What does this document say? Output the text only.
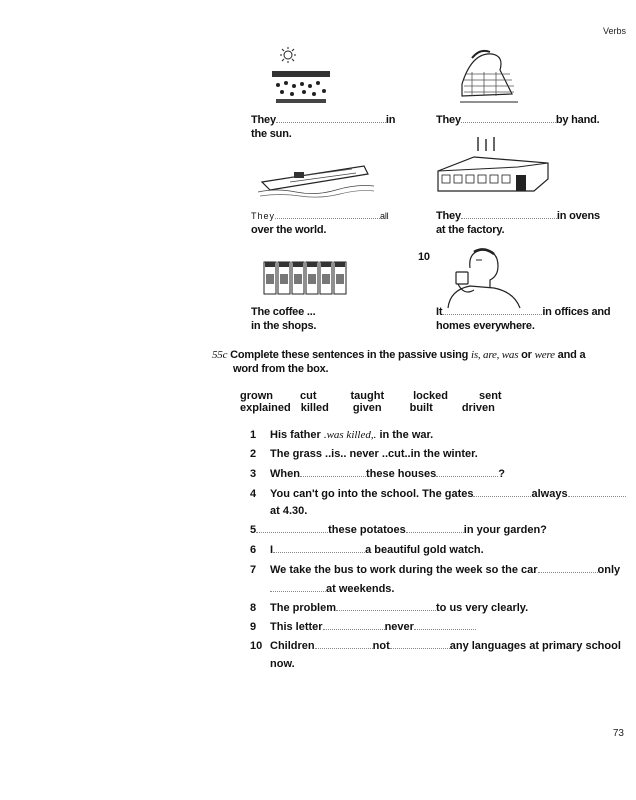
Verbs
They	in
the sun.
They	by hand.
They	all
over the world.
They	in ovens
at the factory.
10
The coffee ...
in the shops.
It	in offices and
homes everywhere.
55c Complete these sentences in the passive using is, are, was or were and a
word from the box.
grown cut	taught	locked	sent
explained killed given	built	driven
1 His father .was killed,. in the war.
2 The grass ..is.. never ..cut..in the winter.
3 When	these houses	?
4 You can't go into the school. The gates	always
at 4.30.
5	these potatoes	in your garden?
6 I	a beautiful gold watch.
7 We take the bus to work during the week so the car	only
at weekends.
8 The problem	to us very clearly.
9 This letter	never
10 Children	not	any languages at primary school
now.
73
